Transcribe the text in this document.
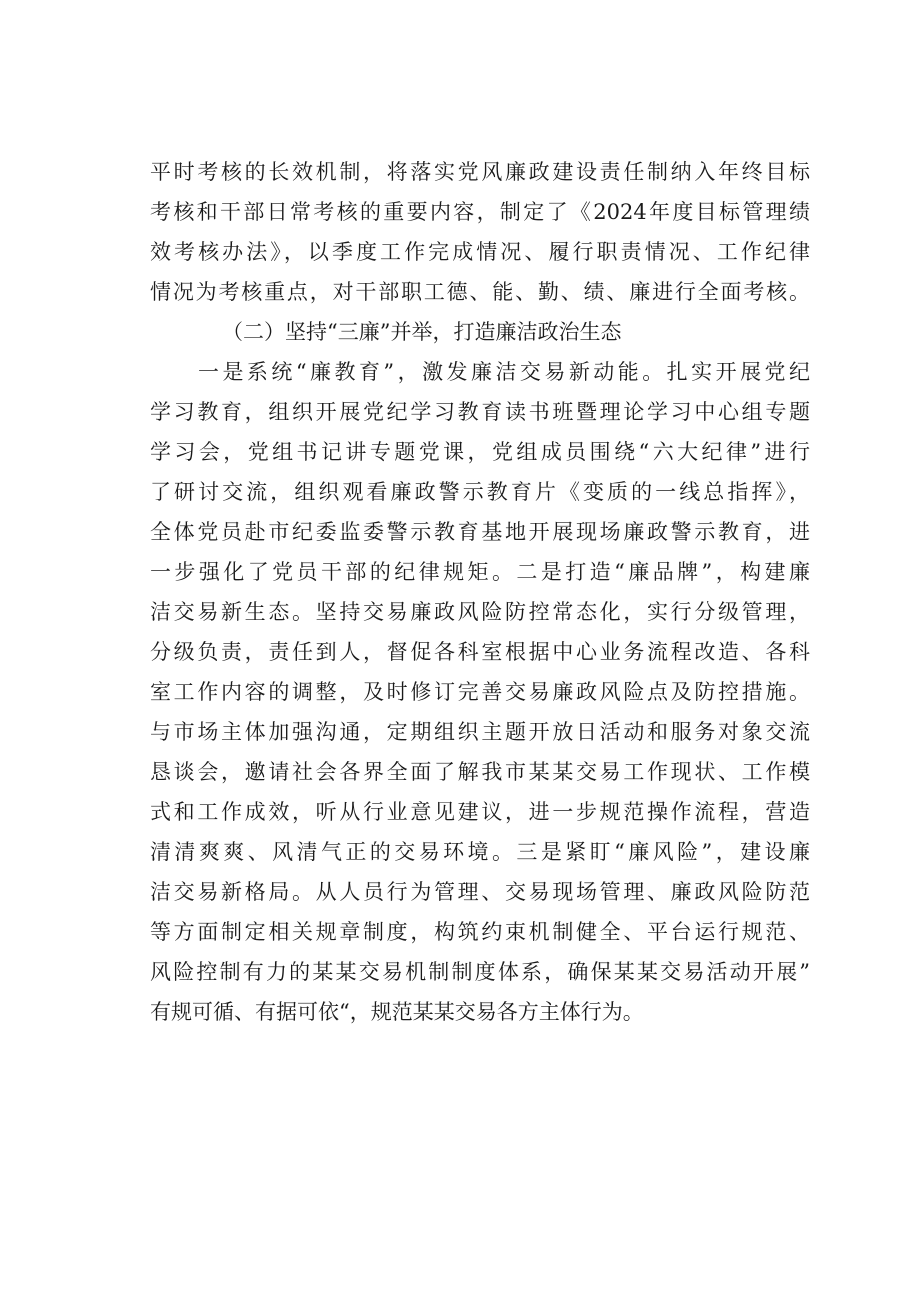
平时考核的长效机制，将落实党风廉政建设责任制纳入年终目标
考核和干部日常考核的重要内容，制定了《2024年度目标管理绩
效考核办法》，以季度工作完成情况、履行职责情况、工作纪律
情况为考核重点，对干部职工德、能、勤、绩、廉进行全面考核。
（二）坚持“三廉”并举，打造廉洁政治生态
一是系统“廉教育”，激发廉洁交易新动能。扎实开展党纪
学习教育，组织开展党纪学习教育读书班暨理论学习中心组专题
学习会，党组书记讲专题党课，党组成员围绕“六大纪律”进行
了研讨交流，组织观看廉政警示教育片《变质的一线总指挥》，
全体党员赴市纪委监委警示教育基地开展现场廉政警示教育，进
一步强化了党员干部的纪律规矩。二是打造“廉品牌”，构建廉
洁交易新生态。坚持交易廉政风险防控常态化，实行分级管理，
分级负责，责任到人，督促各科室根据中心业务流程改造、各科
室工作内容的调整，及时修订完善交易廉政风险点及防控措施。
与市场主体加强沟通，定期组织主题开放日活动和服务对象交流
恳谈会，邀请社会各界全面了解我市某某交易工作现状、工作模
式和工作成效，听从行业意见建议，进一步规范操作流程，营造
清清爽爽、风清气正的交易环境。三是紧盯“廉风险”，建设廉
洁交易新格局。从人员行为管理、交易现场管理、廉政风险防范
等方面制定相关规章制度，构筑约束机制健全、平台运行规范、
风险控制有力的某某交易机制制度体系，确保某某交易活动开展”
有规可循、有据可依“，规范某某交易各方主体行为。
